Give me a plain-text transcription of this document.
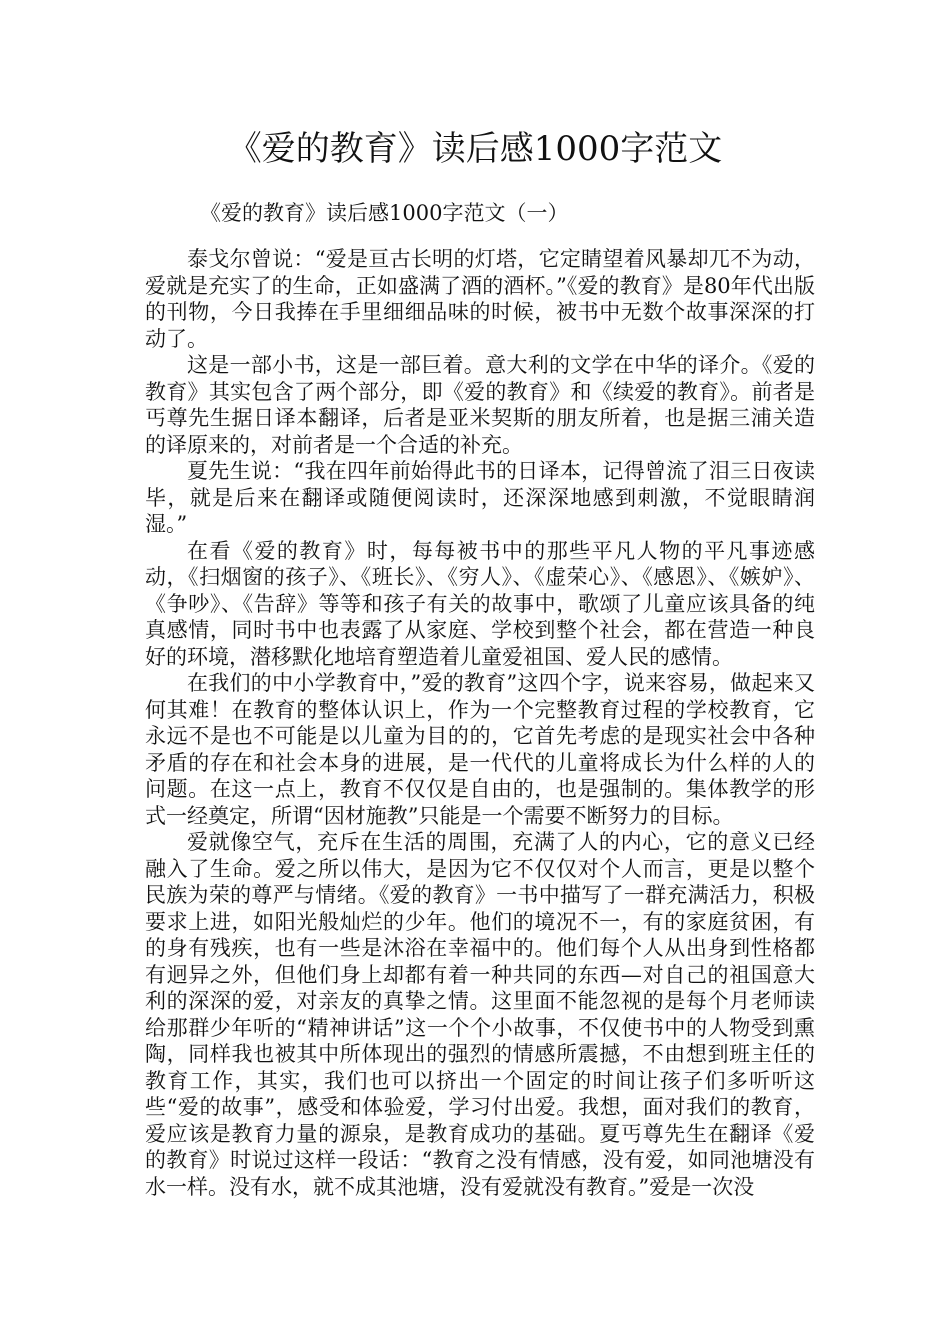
《爱的教育》读后感1000字范文
《爱的教育》读后感1000字范文（一）

泰戈尔曾说：“爱是亘古长明的灯塔，它定睛望着风暴却兀不为动，爱就是充实了的生命，正如盛满了酒的酒杯。”《爱的教育》是80年代出版的刊物，今日我捧在手里细细品味的时候，被书中无数个故事深深的打动了。

这是一部小书，这是一部巨着。意大利的文学在中华的译介。《爱的教育》其实包含了两个部分，即《爱的教育》和《续爱的教育》。前者是丐尊先生据日译本翻译，后者是亚米契斯的朋友所着，也是据三浦关造的译原来的，对前者是一个合适的补充。

夏先生说：“我在四年前始得此书的日译本，记得曾流了泪三日夜读毕，就是后来在翻译或随便阅读时，还深深地感到刺激，不觉眼睛润湿。”

在看《爱的教育》时，每每被书中的那些平凡人物的平凡事迹感动，《扫烟窗的孩子》、《班长》、《穷人》、《虚荣心》、《感恩》、《嫉妒》、《争吵》、《告辞》等等和孩子有关的故事中，歌颂了儿童应该具备的纯真感情，同时书中也表露了从家庭、学校到整个社会，都在营造一种良好的环境，潜移默化地培育塑造着儿童爱祖国、爱人民的感情。

在我们的中小学教育中，”爱的教育”这四个字，说来容易，做起来又何其难！在教育的整体认识上，作为一个完整教育过程的学校教育，它永远不是也不可能是以儿童为目的的，它首先考虑的是现实社会中各种矛盾的存在和社会本身的进展，是一代代的儿童将成长为什么样的人的问题。在这一点上，教育不仅仅是自由的，也是强制的。集体教学的形式一经奠定，所谓“因材施教”只能是一个需要不断努力的目标。

爱就像空气，充斥在生活的周围，充满了人的内心，它的意义已经融入了生命。爱之所以伟大，是因为它不仅仅对个人而言，更是以整个民族为荣的尊严与情绪。《爱的教育》一书中描写了一群充满活力，积极要求上进，如阳光般灿烂的少年。他们的境况不一，有的家庭贫困，有的身有残疾，也有一些是沐浴在幸福中的。他们每个人从出身到性格都有迥异之外，但他们身上却都有着一种共同的东西—对自己的祖国意大利的深深的爱，对亲友的真挚之情。这里面不能忽视的是每个月老师读给那群少年听的“精神讲话”这一个个小故事，不仅使书中的人物受到熏陶，同样我也被其中所体现出的强烈的情感所震撼，不由想到班主任的教育工作，其实，我们也可以挤出一个固定的时间让孩子们多听听这些“爱的故事”，感受和体验爱，学习付出爱。我想，面对我们的教育，爱应该是教育力量的源泉，是教育成功的基础。夏丐尊先生在翻译《爱的教育》时说过这样一段话：“教育之没有情感，没有爱，如同池塘没有水一样。没有水，就不成其池塘，没有爱就没有教育。”爱是一次没
